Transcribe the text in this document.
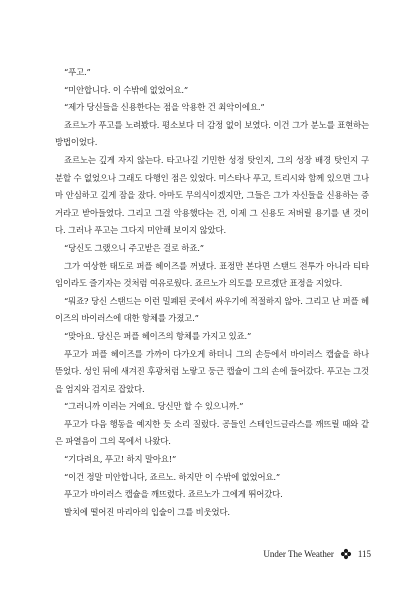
“푸고.”

“미안합니다. 이 수밖에 없었어요.”

“제가 당신들을 신용한다는 점을 악용한 건 최악이에요.”

죠르노가 푸고를 노려봤다. 평소보다 더 감정 없이 보였다. 이건 그가 분노를 표현하는 방법이었다.

죠르노는 깊게 자지 않는다. 타고나길 기민한 성정 탓인지, 그의 성장 배경 탓인지 구분할 수 없었으나 그래도 다행인 점은 있었다. 미스타나 푸고, 트리시와 함께 있으면 그나마 안심하고 깊게 잠을 잤다. 아마도 무의식이겠지만, 그들은 그가 자신들을 신용하는 증거라고 받아들였다. 그리고 그걸 악용했다는 건, 이제 그 신용도 저버릴 용기를 낸 것이다. 그러나 푸고는 그다지 미안해 보이지 않았다.

“당신도 그랬으니 주고받은 걸로 하죠.”

그가 여상한 태도로 퍼플 헤이즈를 꺼냈다. 표정만 본다면 스탠드 전투가 아니라 티타임이라도 즐기자는 것처럼 여유로웠다. 죠르노가 의도를 모르겠단 표정을 지었다.

“뭐죠? 당신 스탠드는 이런 밀폐된 곳에서 싸우기에 적절하지 않아. 그리고 난 퍼플 헤이즈의 바이러스에 대한 항체를 가졌고.”

“맞아요. 당신은 퍼플 헤이즈의 항체를 가지고 있죠.”

푸고가 퍼플 헤이즈를 가까이 다가오게 하더니 그의 손등에서 바이러스 캡슐을 하나 뜯었다. 성인 뒤에 새겨진 후광처럼 노랗고 둥근 캡슐이 그의 손에 들어갔다. 푸고는 그것을 엄지와 검지로 잡았다.

“그러니까 이러는 거예요. 당신만 할 수 있으니까.”

푸고가 다음 행동을 예지한 듯 소리 질렀다. 공들인 스테인드글라스를 깨뜨릴 때와 같은 파열음이 그의 목에서 나왔다.

“기다려요, 푸고! 하지 말아요!”

“이건 정말 미안합니다, 죠르노. 하지만 이 수밖에 없었어요.”

푸고가 바이러스 캡슐을 깨뜨렸다. 죠르노가 그에게 뛰어갔다.

발치에 떨어진 마리아의 입술이 그를 비웃었다.

Under The Weather	115
